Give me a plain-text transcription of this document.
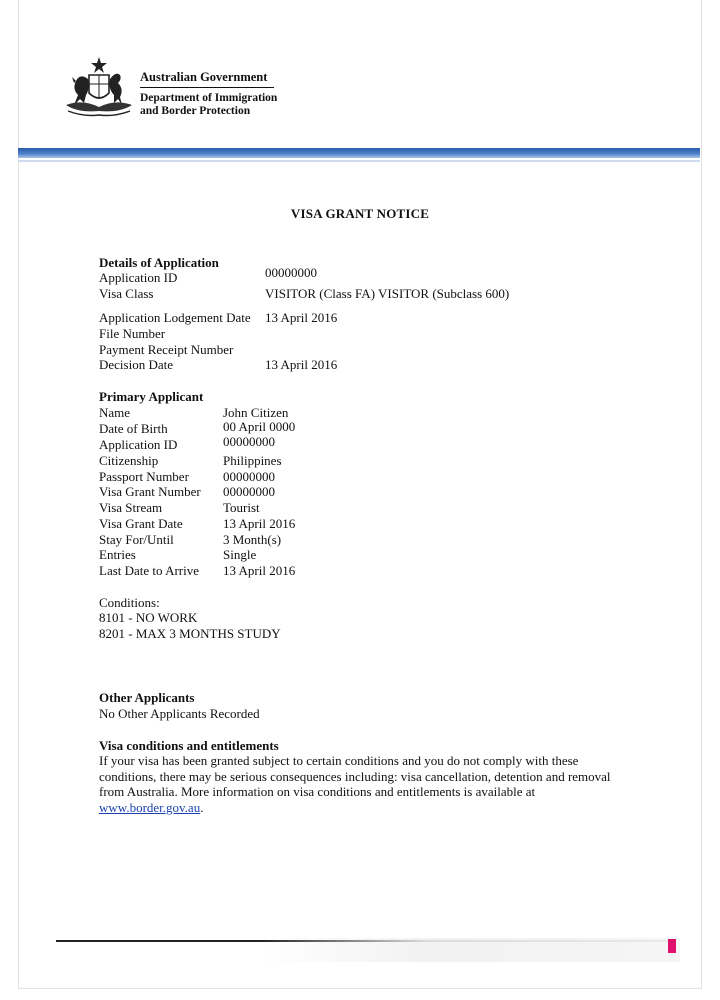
Australian Government
Department of Immigration
and Border Protection
VISA GRANT NOTICE
Details of Application
Application ID	00000000
Visa Class	VISITOR (Class FA) VISITOR (Subclass 600)
Application Lodgement Date 13 April 2016
File Number
Payment Receipt Number
Decision Date	13 April 2016
Primary Applicant
Name	John Citizen
Date of Birth	00 April 0000
Application ID	00000000
Citizenship	Philippines
Passport Number	00000000
Visa Grant Number 00000000
Visa Stream	Tourist
Visa Grant Date	13 April 2016
Stay For/Until	3 Month(s)
Entries	Single
Last Date to Arrive 13 April 2016
Conditions:
8101 - NO WORK
8201 - MAX 3 MONTHS STUDY
Other Applicants
No Other Applicants Recorded
Visa conditions and entitlements
If your visa has been granted subject to certain conditions and you do not comply with these conditions, there may be serious consequences including: visa cancellation, detention and removal from Australia. More information on visa conditions and entitlements is available at www.border.gov.au.
